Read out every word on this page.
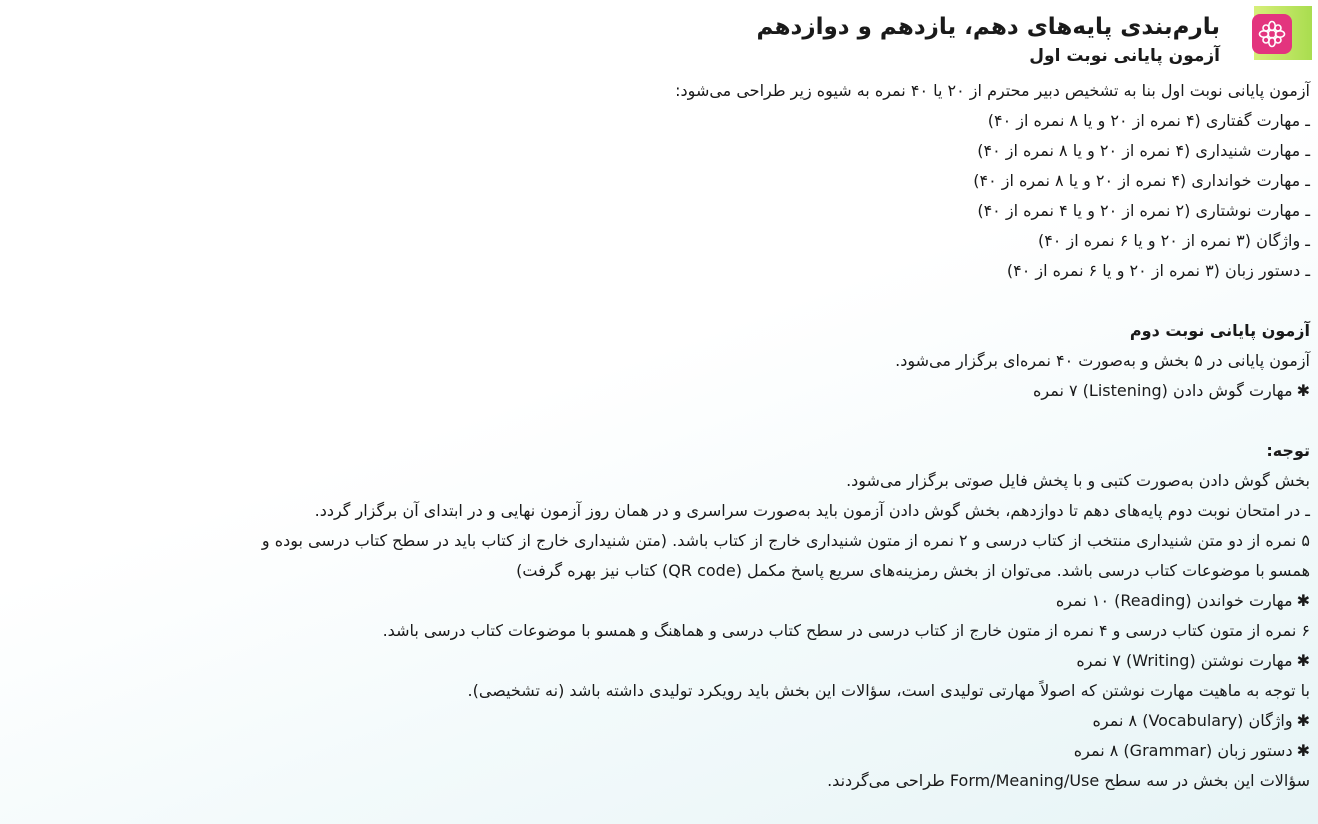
بارم‌بندی پایه‌های دهم، یازدهم و دوازدهم
آزمون پایانی نوبت اول
آزمون پایانی نوبت اول بنا به تشخیص دبیر محترم از ۲۰ یا ۴۰ نمره به شیوه زیر طراحی می‌شود:
ـ مهارت گفتاری (۴ نمره از ۲۰ و یا ۸ نمره از ۴۰)
ـ مهارت شنیداری (۴ نمره از ۲۰ و یا ۸ نمره از ۴۰)
ـ مهارت خوانداری (۴ نمره از ۲۰ و یا ۸ نمره از ۴۰)
ـ مهارت نوشتاری (۲ نمره از ۲۰ و یا ۴ نمره از ۴۰)
ـ واژگان (۳ نمره از ۲۰ و یا ۶ نمره از ۴۰)
ـ دستور زبان (۳ نمره از ۲۰ و یا ۶ نمره از ۴۰)
آزمون پایانی نوبت دوم
آزمون پایانی در ۵ بخش و به‌صورت ۴۰ نمره‌ای برگزار می‌شود.
✱مهارت گوش دادن (Listening) ۷ نمره
توجه:
بخش گوش دادن به‌صورت کتبی و با پخش فایل صوتی برگزار می‌شود.
ـ در امتحان نوبت دوم پایه‌های دهم تا دوازدهم، بخش گوش دادن آزمون باید به‌صورت سراسری و در همان روز آزمون نهایی و در ابتدای آن برگزار گردد.
۵ نمره از دو متن شنیداری منتخب از کتاب درسی و ۲ نمره از متون شنیداری خارج از کتاب باشد. (متن شنیداری خارج از کتاب باید در سطح کتاب درسی بوده و
همسو با موضوعات کتاب درسی باشد. می‌توان از بخش رمزینه‌های سریع پاسخ مکمل (QR code) کتاب نیز بهره گرفت)
✱مهارت خواندن (Reading) ۱۰ نمره
۶ نمره از متون کتاب درسی و ۴ نمره از متون خارج از کتاب درسی در سطح کتاب درسی و هماهنگ و همسو با موضوعات کتاب درسی باشد.
✱مهارت نوشتن (Writing) ۷ نمره
با توجه به ماهیت مهارت نوشتن که اصولاً مهارتی تولیدی است، سؤالات این بخش باید رویکرد تولیدی داشته باشد (نه تشخیصی).
✱واژگان (Vocabulary) ۸ نمره
✱دستور زبان (Grammar) ۸ نمره
سؤالات این بخش در سه سطح Form/Meaning/Use طراحی می‌گردند.
